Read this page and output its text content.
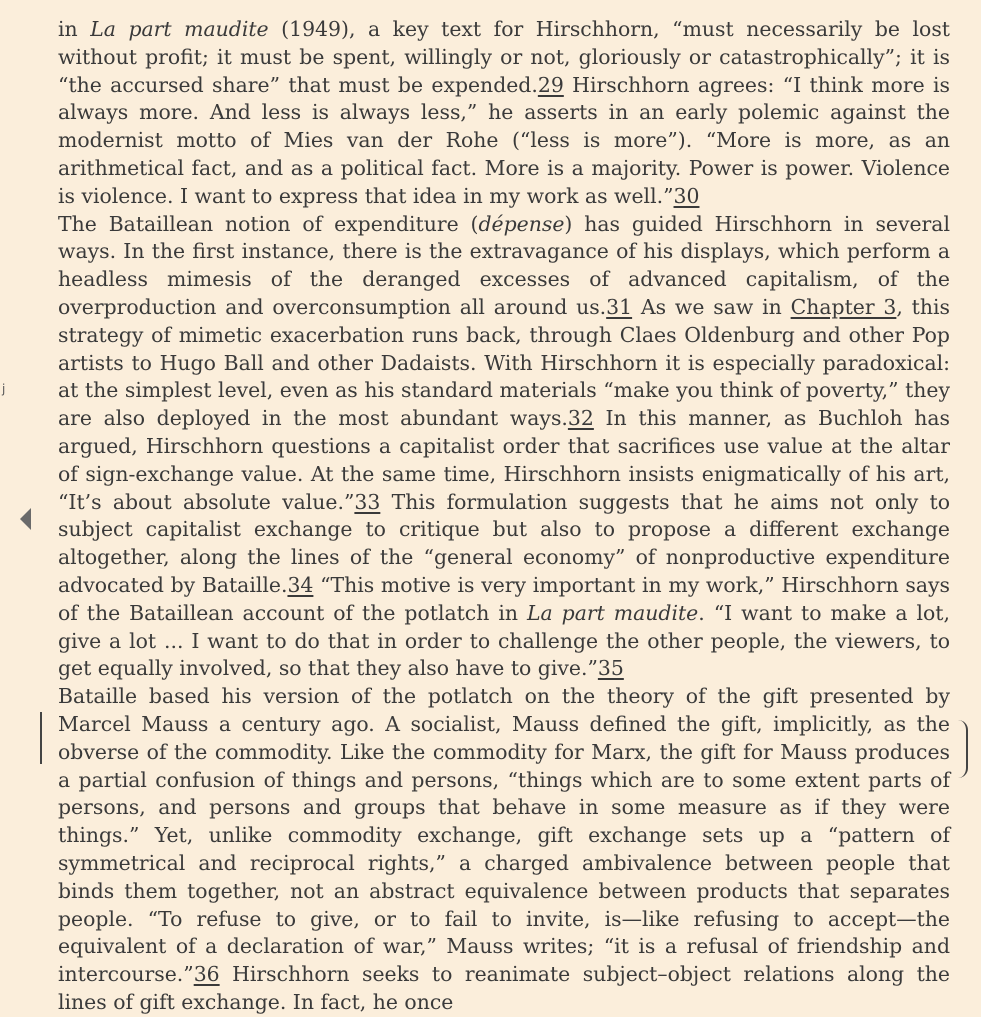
j

in La part maudite (1949), a key text for Hirschhorn, “must necessarily be lost without profit; it must be spent, willingly or not, gloriously or catastrophically”; it is “the accursed share” that must be expended.29 Hirschhorn agrees: “I think more is always more. And less is always less,” he asserts in an early polemic against the modernist motto of Mies van der Rohe (“less is more”). “More is more, as an arithmetical fact, and as a political fact. More is a majority. Power is power. Violence is violence. I want to express that idea in my work as well.”30

The Bataillean notion of expenditure (dépense) has guided Hirschhorn in several ways. In the first instance, there is the extravagance of his displays, which perform a headless mimesis of the deranged excesses of advanced capitalism, of the overproduction and overconsumption all around us.31 As we saw in Chapter 3, this strategy of mimetic exacerbation runs back, through Claes Oldenburg and other Pop artists to Hugo Ball and other Dadaists. With Hirschhorn it is especially paradoxical: at the simplest level, even as his standard materials “make you think of poverty,” they are also deployed in the most abundant ways.32 In this manner, as Buchloh has argued, Hirschhorn questions a capitalist order that sacrifices use value at the altar of sign-exchange value. At the same time, Hirschhorn insists enigmatically of his art, “It’s about absolute value.”33 This formulation suggests that he aims not only to subject capitalist exchange to critique but also to propose a different exchange altogether, along the lines of the “general economy” of nonproductive expenditure advocated by Bataille.34 “This motive is very important in my work,” Hirschhorn says of the Bataillean account of the potlatch in La part maudite. “I want to make a lot, give a lot ... I want to do that in order to challenge the other people, the viewers, to get equally involved, so that they also have to give.”35

Bataille based his version of the potlatch on the theory of the gift presented by Marcel Mauss a century ago. A socialist, Mauss defined the gift, implicitly, as the obverse of the commodity. Like the commodity for Marx, the gift for Mauss produces a partial confusion of things and persons, “things which are to some extent parts of persons, and persons and groups that behave in some measure as if they were things.” Yet, unlike commodity exchange, gift exchange sets up a “pattern of symmetrical and reciprocal rights,” a charged ambivalence between people that binds them together, not an abstract equivalence between products that separates people. “To refuse to give, or to fail to invite, is—like refusing to accept—the equivalent of a declaration of war,” Mauss writes; “it is a refusal of friendship and intercourse.”36 Hirschhorn seeks to reanimate subject–object relations along the lines of gift exchange. In fact, he once
